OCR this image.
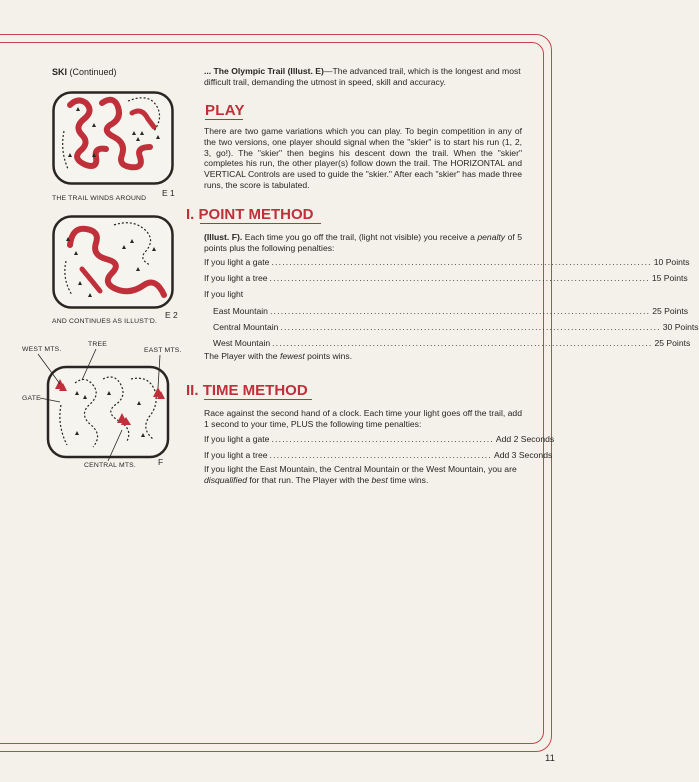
SKI (Continued)	... The Olympic Trail (Illust. E)—The advanced trail, which is the longest and most difficult trail, demanding the utmost in speed, skill and accuracy.
PLAY
There are two game variations which you can play. To begin competition in any of the two versions, one player should signal when the "skier" is to start his run (1, 2, 3, go!). The "skier" then begins his descent down the trail. When the "skier" completes his run, the other player(s) follow down the trail. The HORIZONTAL and VERTICAL Controls are used to guide the "skier." After each "skier" has made three runs, the score is tabulated.
I. POINT METHOD
(Illust. F). Each time you go off the trail, (light not visible) you receive a penalty of 5 points plus the following penalties:
If you light a gate .......................................................................................................... 10 Points
If you light a tree .......................................................................................................... 15 Points
If you light
East Mountain .......................................................................................................... 25 Points
Central Mountain .......................................................................................................... 30 Points
West Mountain .......................................................................................................... 25 Points
The Player with the fewest points wins.
II. TIME METHOD
Race against the second hand of a clock. Each time your light goes off the trail, add 1 second to your time, PLUS the following time penalties:
If you light a gate .............................................................. Add 2 Seconds
If you light a tree .............................................................. Add 3 Seconds
If you light the East Mountain, the Central Mountain or the West Mountain, you are disqualified for that run. The Player with the best time wins.
THE TRAIL WINDS AROUND
E 1
AND CONTINUES AS ILLUST'D.
E 2
WEST MTS.
TREE
EAST MTS.
GATE
CENTRAL MTS.	F
11
